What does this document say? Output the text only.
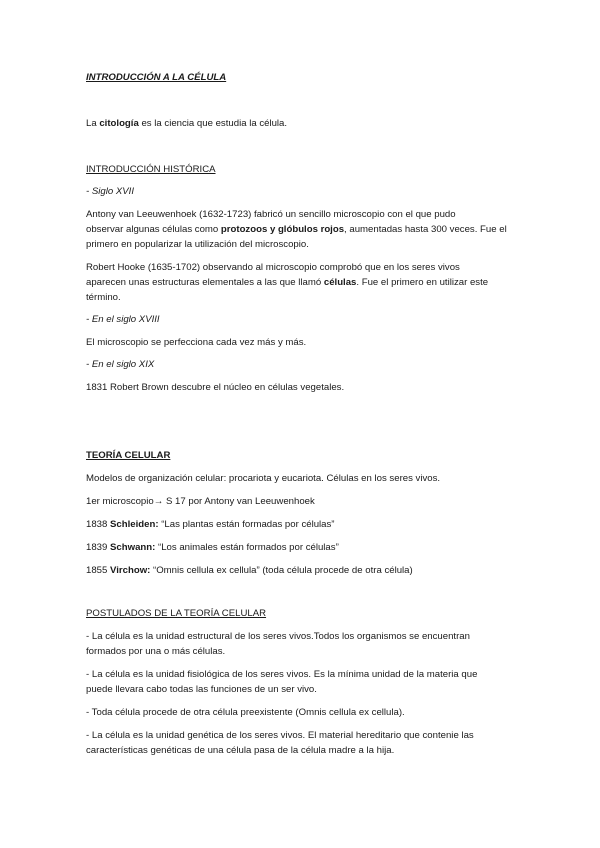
INTRODUCCIÓN A LA CÉLULA
La citología es la ciencia que estudia la célula.
INTRODUCCIÓN HISTÓRICA
- Siglo XVII
Antony van Leeuwenhoek (1632-1723) fabricó un sencillo microscopio con el que pudo
observar algunas células como protozoos y glóbulos rojos, aumentadas hasta 300 veces. Fue el
primero en popularizar la utilización del microscopio.
Robert Hooke (1635-1702) observando al microscopio comprobó que en los seres vivos
aparecen unas estructuras elementales a las que llamó células. Fue el primero en utilizar este
término.
- En el siglo XVIII
El microscopio se perfecciona cada vez más y más.
- En el siglo XIX
1831 Robert Brown descubre el núcleo en células vegetales.
TEORÍA CELULAR
Modelos de organización celular: procariota y eucariota. Células en los seres vivos.
1er microscopio→ S 17 por Antony van Leeuwenhoek
1838 Schleiden: “Las plantas están formadas por células”
1839 Schwann: “Los animales están formados por células”
1855 Virchow: “Omnis cellula ex cellula” (toda célula procede de otra célula)
POSTULADOS DE LA TEORÍA CELULAR
- La célula es la unidad estructural de los seres vivos.Todos los organismos se encuentran
formados por una o más células.
- La célula es la unidad fisiológica de los seres vivos. Es la mínima unidad de la materia que
puede llevara cabo todas las funciones de un ser vivo.
- Toda célula procede de otra célula preexistente (Omnis cellula ex cellula).
- La célula es la unidad genética de los seres vivos. El material hereditario que contenie las
características genéticas de una célula pasa de la célula madre a la hija.
